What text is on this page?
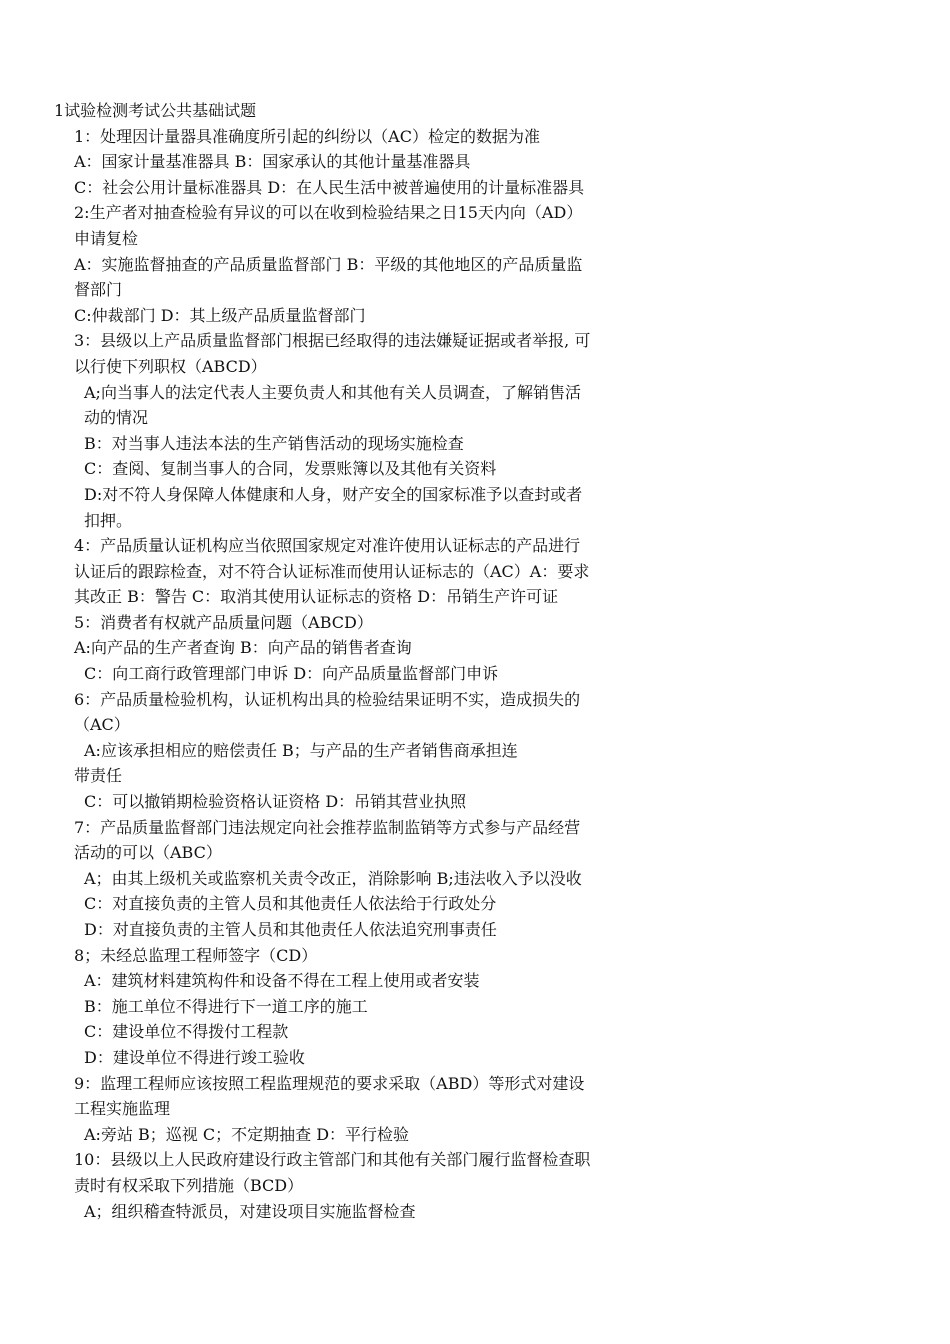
1试验检测考试公共基础试题

1：处理因计量器具准确度所引起的纠纷以（AC）检定的数据为准

A：国家计量基准器具 B：国家承认的其他计量基准器具

C：社会公用计量标准器具 D：在人民生活中被普遍使用的计量标准器具

2:生产者对抽查检验有异议的可以在收到检验结果之日15天内向（AD）申请复检

A：实施监督抽查的产品质量监督部门 B：平级的其他地区的产品质量监督部门

C:仲裁部门 D：其上级产品质量监督部门

3：县级以上产品质量监督部门根据已经取得的违法嫌疑证据或者举报, 可以行使下列职权（ABCD）

A;向当事人的法定代表人主要负责人和其他有关人员调查，了解销售活动的情况

B：对当事人违法本法的生产销售活动的现场实施检查

C：查阅、复制当事人的合同，发票账簿以及其他有关资料

D:对不符人身保障人体健康和人身，财产安全的国家标准予以查封或者扣押。

4：产品质量认证机构应当依照国家规定对准许使用认证标志的产品进行认证后的跟踪检查，对不符合认证标准而使用认证标志的（AC）A：要求其改正 B：警告 C：取消其使用认证标志的资格 D：吊销生产许可证

5：消费者有权就产品质量问题（ABCD）

A:向产品的生产者查询 B：向产品的销售者查询

C：向工商行政管理部门申诉 D：向产品质量监督部门申诉

6：产品质量检验机构，认证机构出具的检验结果证明不实，造成损失的（AC）

A:应该承担相应的赔偿责任 B；与产品的生产者销售商承担连

带责任

C：可以撤销期检验资格认证资格 D：吊销其营业执照

7：产品质量监督部门违法规定向社会推荐监制监销等方式参与产品经营活动的可以（ABC）

A；由其上级机关或监察机关责令改正，消除影响 B;违法收入予以没收

C：对直接负责的主管人员和其他责任人依法给于行政处分

D：对直接负责的主管人员和其他责任人依法追究刑事责任

8；未经总监理工程师签字（CD）

A：建筑材料建筑构件和设备不得在工程上使用或者安装

B：施工单位不得进行下一道工序的施工

C：建设单位不得拨付工程款

D：建设单位不得进行竣工验收

9：监理工程师应该按照工程监理规范的要求采取（ABD）等形式对建设工程实施监理

A:旁站 B；巡视 C；不定期抽查 D：平行检验

10：县级以上人民政府建设行政主管部门和其他有关部门履行监督检查职责时有权采取下列措施（BCD）

A；组织稽查特派员，对建设项目实施监督检查
